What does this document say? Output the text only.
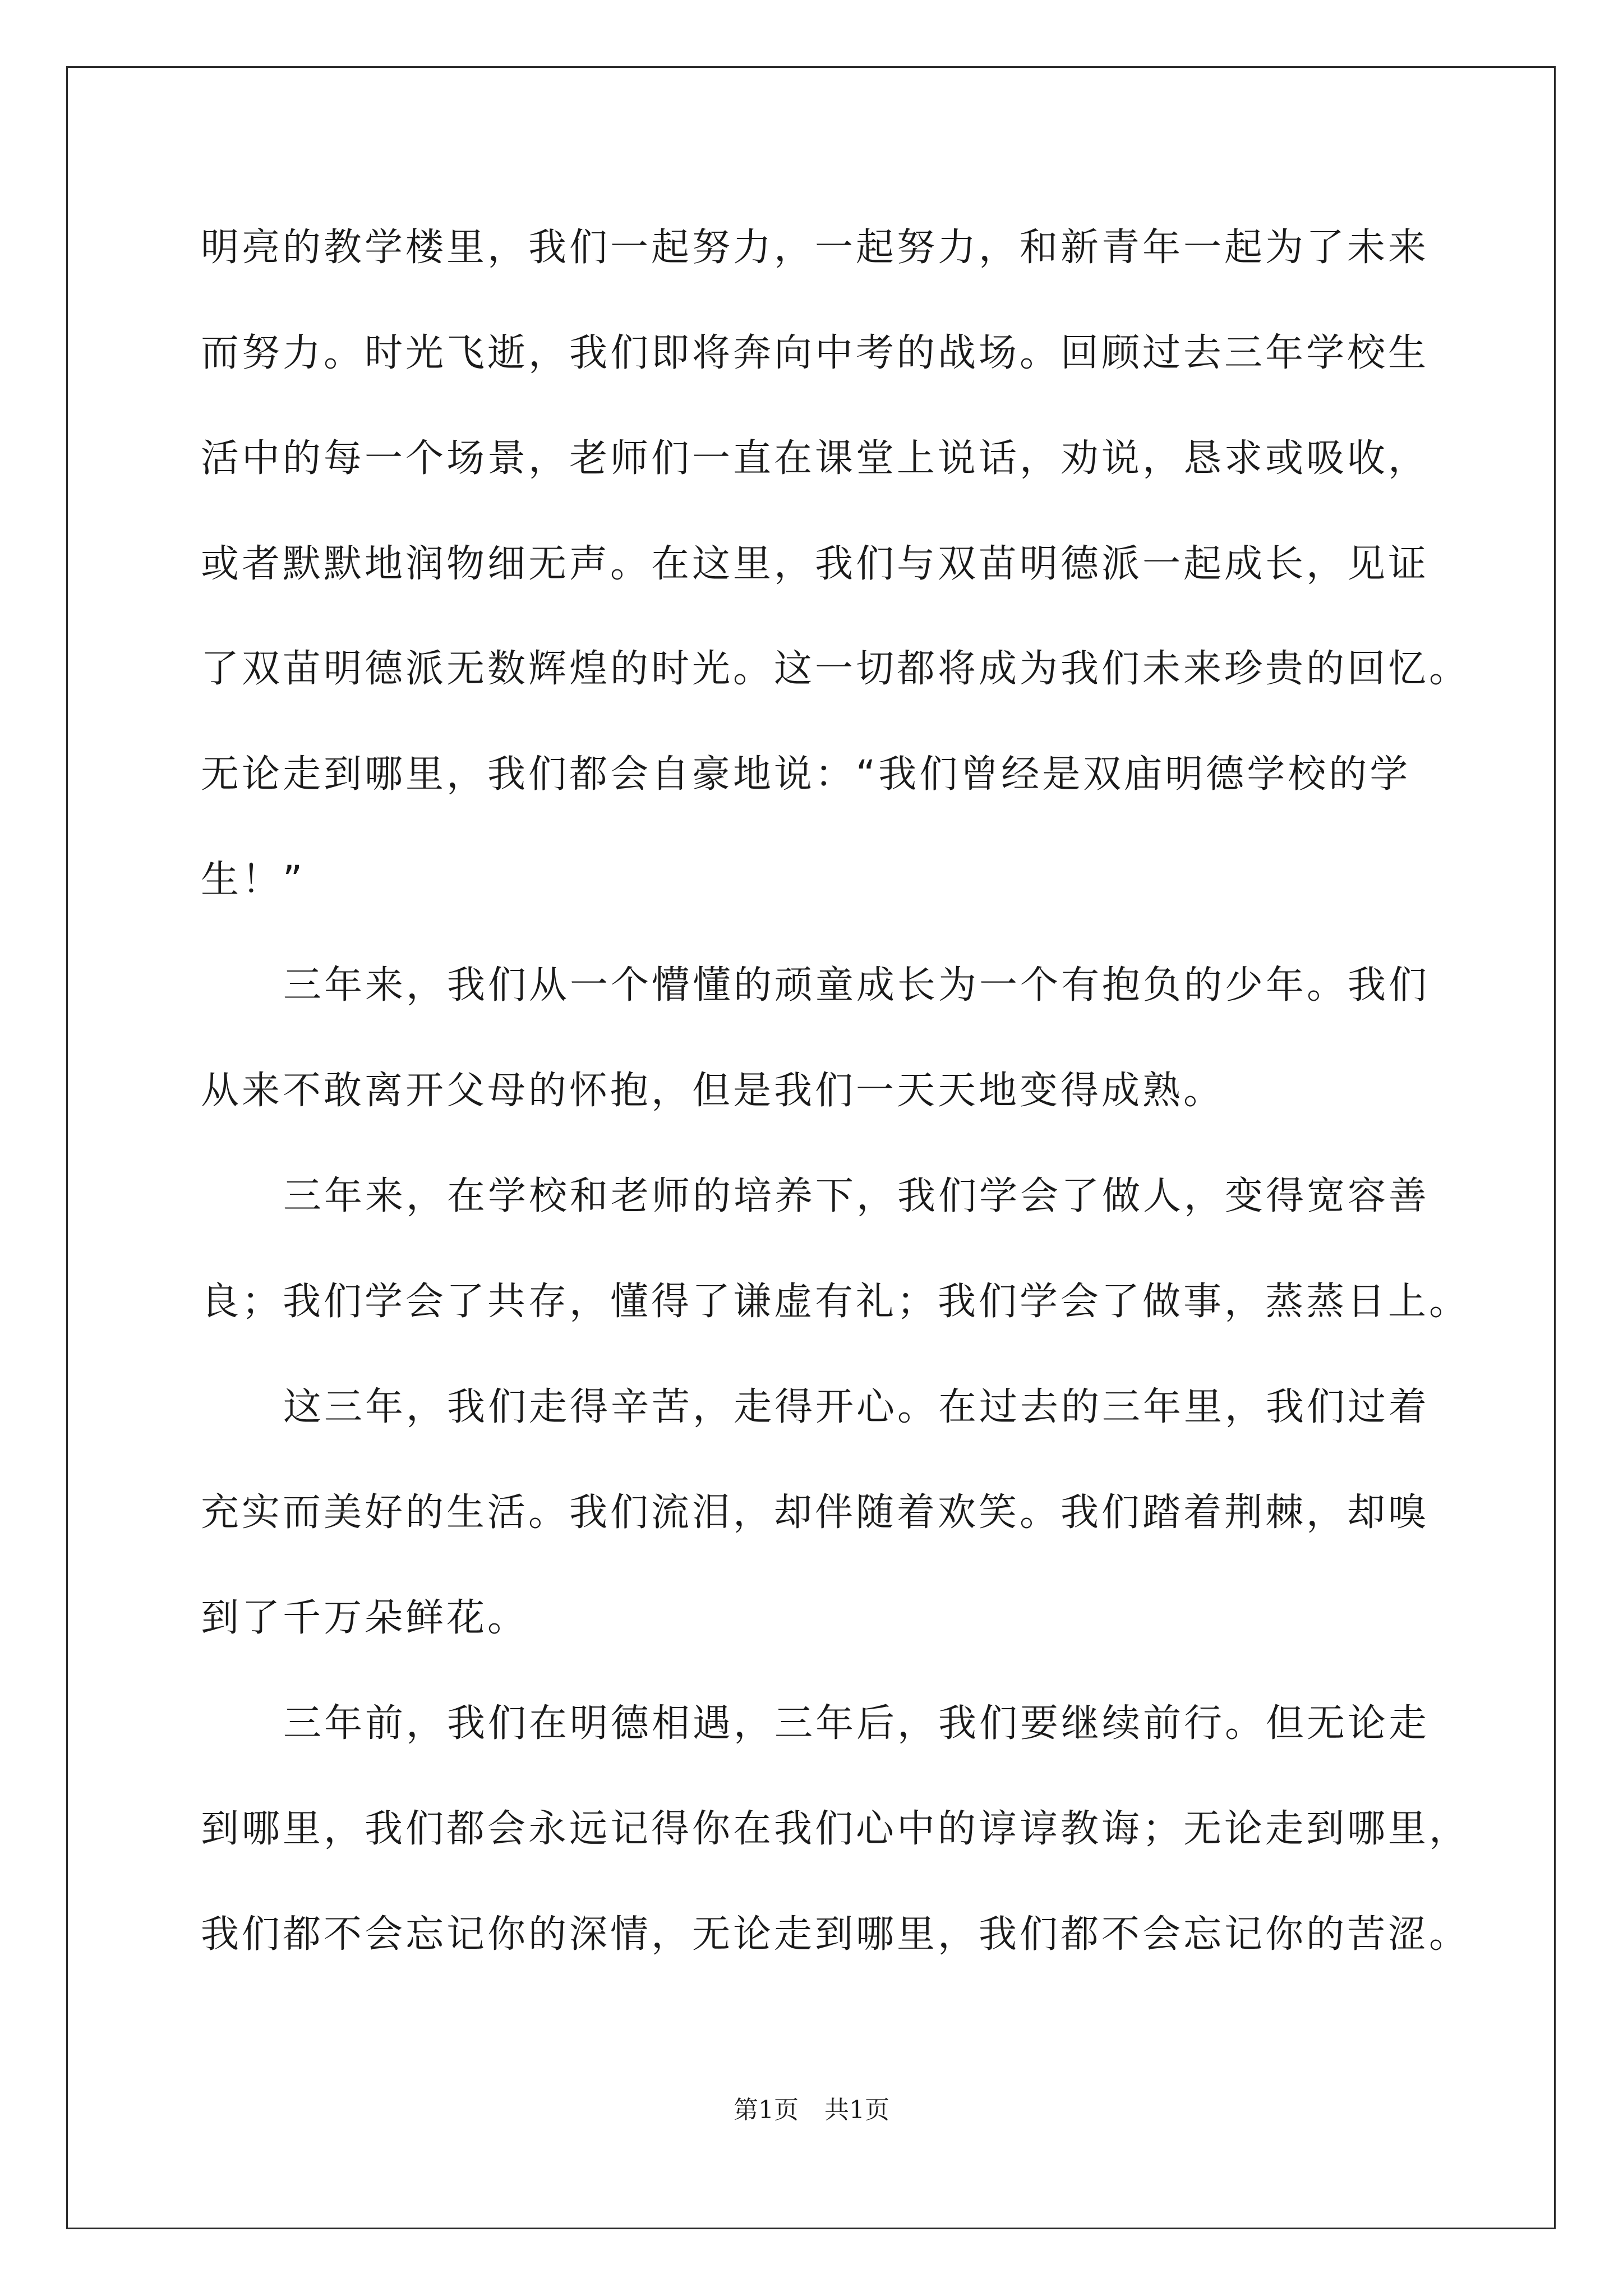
明亮的教学楼里，我们一起努力，一起努力，和新青年一起为了未来
而努力。时光飞逝，我们即将奔向中考的战场。回顾过去三年学校生
活中的每一个场景，老师们一直在课堂上说话，劝说，恳求或吸收，
或者默默地润物细无声。在这里，我们与双苗明德派一起成长，见证
了双苗明德派无数辉煌的时光。这一切都将成为我们未来珍贵的回忆。
无论走到哪里，我们都会自豪地说：“我们曾经是双庙明德学校的学
生！”
三年来，我们从一个懵懂的顽童成长为一个有抱负的少年。我们
从来不敢离开父母的怀抱，但是我们一天天地变得成熟。
三年来，在学校和老师的培养下，我们学会了做人，变得宽容善
良；我们学会了共存，懂得了谦虚有礼；我们学会了做事，蒸蒸日上。
这三年，我们走得辛苦，走得开心。在过去的三年里，我们过着
充实而美好的生活。我们流泪，却伴随着欢笑。我们踏着荆棘，却嗅
到了千万朵鲜花。
三年前，我们在明德相遇，三年后，我们要继续前行。但无论走
到哪里，我们都会永远记得你在我们心中的谆谆教诲；无论走到哪里，
我们都不会忘记你的深情，无论走到哪里，我们都不会忘记你的苦涩。
第1页 共1页
